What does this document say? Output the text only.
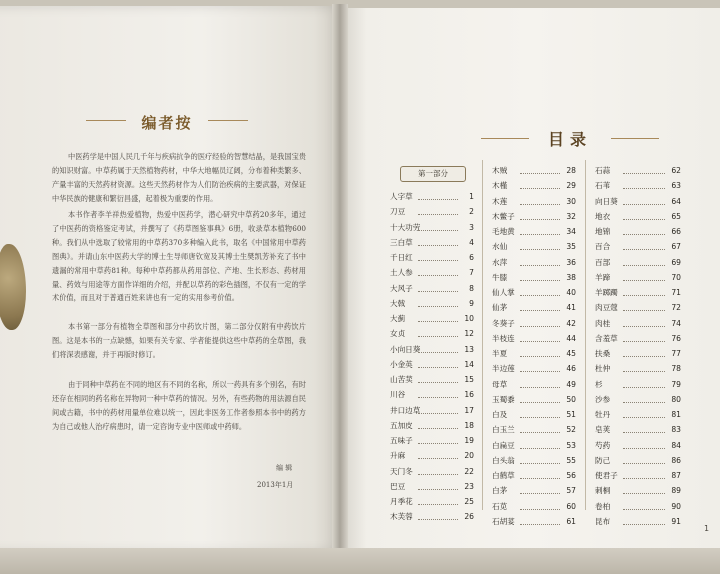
编者按

中医药学是中国人民几千年与疾病抗争的医疗经验的智慧结晶，是我国宝贵的知识财富。中草药属于天然植物药材，中华大地幅员辽阔，分布着种类繁多、产量丰富的天然药材资源。这些天然药材作为人们防治疾病的主要武器，对保证中华民族的健康和繁衍昌盛，起着极为重要的作用。

本书作者李羊祥热爱植物，热爱中医药学，潜心研究中草药20多年，通过了中医药的资格鉴定考试，并撰写了《药草图鉴事典》6册，收录草本植物600种。我们从中选取了较常用的中草药370多种编入此书，取名《中国常用中草药图典》。并请山东中医药大学的博士生导师唐钦宽及其博士生樊凯芳补充了书中遗漏的常用中草药81种。每种中草药都从药用部位、产地、生长形态、药材用量、药效与用途等方面作详细的介绍，并配以草药的彩色插图，不仅有一定的学术价值，而且对于普通百姓来讲也有一定的实用参考价值。

本书第一部分有植物全草图和部分中药饮片图，第二部分仅附有中药饮片图。这是本书的一点缺憾，如果有关专家、学者能提供这些中草药的全草图，我们将深表感谢，并于再版时修订。

由于同种中草药在不同的地区有不同的名称，所以一药具有多个别名，有时还存在相同的药名称在异物同一种中草药的情况。另外，有些药物的用法源自民间或古籍，书中的药材用量单位难以统一，因此非医务工作者参照本书中的药方为自己或他人治疗病患时，请一定咨询专业中医师或中药师。

编 辑
2013年1月
目录
第一部分
人字草	1
刀豆	2
十大功劳	3
三白草	4
千日红	6
土人参	7
大风子	8
大戟	9
大蓟	10
女贞	12
小向日葵	13
小金英	14
山苦荬	15
川谷	16
井口边草	17
五加皮	18
五味子	19
升麻	20
天门冬	22
巴豆	23
月季花	25
木芙蓉	26
木贼	28
木槿	29
木莲	30
木鳖子	32
毛地黄	34
水仙	35
水萍	36
牛膝	38
仙人掌	40
仙茅	41
冬葵子	42
半枝连	44
半夏	45
半边莲	46
母草	49
玉蜀黍	50
白及	51
白玉兰	52
白扁豆	53
白头翁	55
白鹤草	56
白茅	57
石苋	60
石胡荽	61
石蒜	62
石苇	63
向日葵	64
地衣	65
地锦	66
百合	67
百部	69
羊蹄	70
羊踯躅	71
肉豆蔻	72
肉桂	74
含羞草	76
扶桑	77
杜仲	78
杉	79
沙参	80
牡丹	81
皂荚	83
芍药	84
防己	86
使君子	87
刺桐	89
卷柏	90
昆布	91
1
